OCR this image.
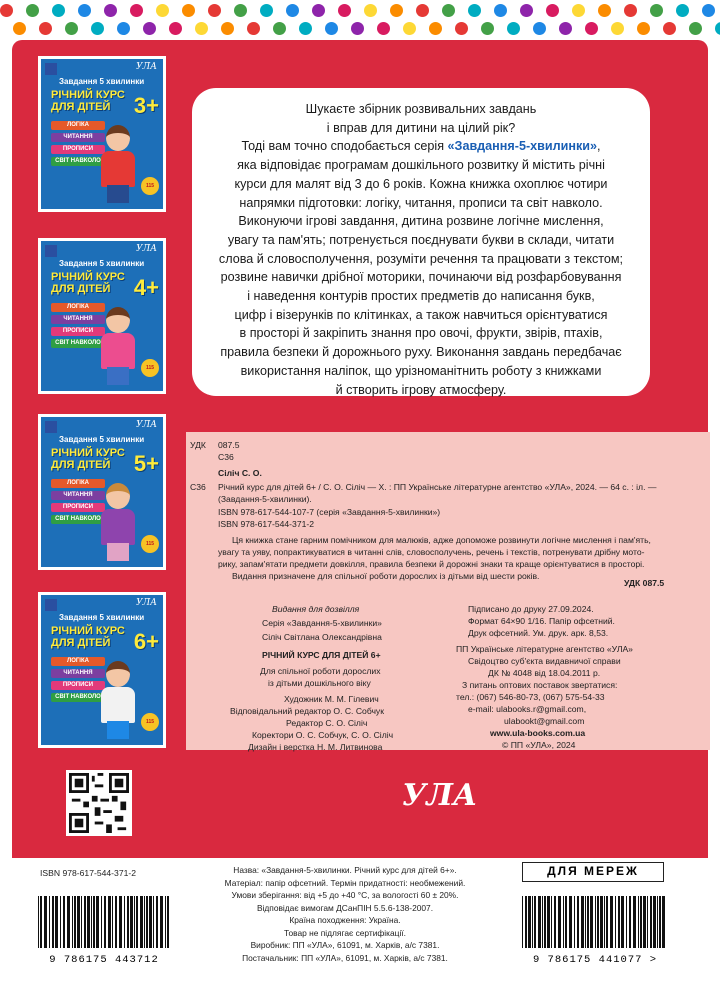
УЛА
Завдання 5 хвилинки
РІЧНИЙ КУРС ДЛЯ ДІТЕЙ	3+
ЛОГІКА
ЧИТАННЯ
ПРОПИСИ
СВІТ НАВКОЛО
115
УЛА
Завдання 5 хвилинки
РІЧНИЙ КУРС ДЛЯ ДІТЕЙ	4+
ЛОГІКА
ЧИТАННЯ
ПРОПИСИ
СВІТ НАВКОЛО
115
УЛА
Завдання 5 хвилинки
РІЧНИЙ КУРС ДЛЯ ДІТЕЙ	5+
ЛОГІКА
ЧИТАННЯ
ПРОПИСИ
СВІТ НАВКОЛО
115
УЛА
Завдання 5 хвилинки
РІЧНИЙ КУРС ДЛЯ ДІТЕЙ	6+
ЛОГІКА
ЧИТАННЯ
ПРОПИСИ
СВІТ НАВКОЛО
115

Шукаєте збірник розвивальних завдань

і вправ для дитини на цілий рік?

Тоді вам точно сподобається серія «Завдання-5-хвилинки»,

яка відповідає програмам дошкільного розвитку й містить річні

курси для малят від 3 до 6 років. Кожна книжка охоплює чотири

напрямки підготовки: логіку, читання, прописи та світ навколо.

Виконуючи ігрові завдання, дитина розвине логічне мислення,

увагу та пам'ять; потренується поєднувати букви в склади, читати

слова й словосполучення, розуміти речення та працювати з текстом;

розвине навички дрібної моторики, починаючи від розфарбовування

і наведення контурів простих предметів до написання букв,

цифр і візерунків по клітинках, а також навчиться орієнтуватися

в просторі й закріпить знання про овочі, фрукти, звірів, птахів,

правила безпеки й дорожнього руху. Виконання завдань передбачає

використання наліпок, що урізноманітнить роботу з книжками

й створить ігрову атмосферу.

УДК 087.5
С36
Сіліч С. О.
С36 Річний курс для дітей 6+ / С. О. Сіліч — Х. : ПП Українське літературне агентство «УЛА», 2024. — 64 с. : іл. —
(Завдання-5-хвилинки).
ISBN 978-617-544-107-7 (серія «Завдання-5-хвилинки»)
ISBN 978-617-544-371-2
Ця книжка стане гарним помічником для малюків, адже допоможе розвинути логічне мислення і пам'ять,
увагу та уяву, попрактикуватися в читанні слів, словосполучень, речень і текстів, потренувати дрібну мото-
рику, запам'ятати предмети довкілля, правила безпеки й дорожні знаки та краще орієнтуватися в просторі.
Видання призначене для спільної роботи дорослих із дітьми від шести років.
УДК 087.5
Видання для дозвілля
Серія «Завдання-5-хвилинки»
Сіліч Світлана Олександрівна
РІЧНИЙ КУРС ДЛЯ ДІТЕЙ 6+
Для спільної роботи дорослих
із дітьми дошкільного віку
Художник М. М. Гілевич
Відповідальний редактор О. С. Собчук
Редактор С. О. Сіліч
Коректори О. С. Собчук, С. О. Сіліч
Дизайн і верстка Н. М. Литвинова
Підписано до друку 27.09.2024.
Формат 64×90 1/16. Папір офсетний.
Друк офсетний. Ум. друк. арк. 8,53.
ПП Українське літературне агентство «УЛА»
Свідоцтво суб'єкта видавничої справи
ДК № 4048 від 18.04.2011 р.
З питань оптових поставок звертатися:
тел.: (067) 546-80-73, (067) 575-54-33
e-mail: ulabooks.r@gmail.com,
ulabookt@gmail.com
www.ula-books.com.ua
© ПП «УЛА», 2024
УЛА
ISBN 978-617-544-371-2
9 786175 443712
Назва: «Завдання-5-хвилинки. Річний курс для дітей 6+».
Матеріал: папір офсетний. Термін придатності: необмежений.
Умови зберігання: від +5 до +40 °С, за вологості 60 ± 20%.
Відповідає вимогам ДСанПІН 5.5.6-138-2007.
Країна походження: Україна.
Товар не підлягає сертифікації.
Виробник: ПП «УЛА», 61091, м. Харків, а/с 7381.
Постачальник: ПП «УЛА», 61091, м. Харків, а/с 7381.
ДЛЯ МЕРЕЖ
9 786175 441077 >
